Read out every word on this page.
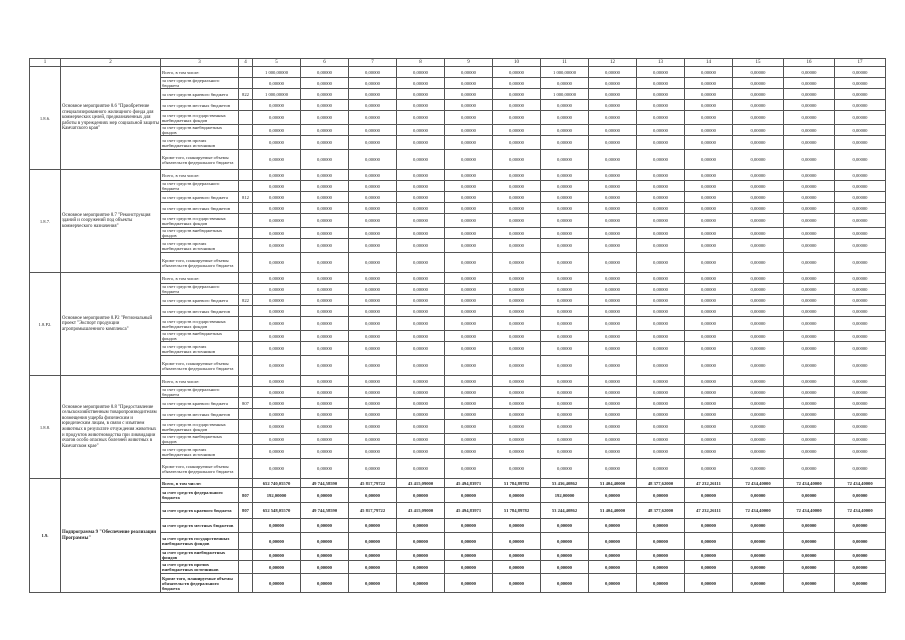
1	2	3	4	5	6	7	8	9	10	11	12	13	14	15	16	17
1.8.6.	Основное мероприятие 8.6 "Приобретение специализированного жилищного фонда для коммерческих целей, предназначенных для работы в учреждениях мер социальной защиты Камчатского края"	Всего, в том числе:		1 000,00000	0,00000	0,00000	0,00000	0,00000	0,00000	1 000,00000	0,00000	0,00000	0,00000	0,00000	0,00000	0,00000
		за счет средств федерального бюджета		0,00000	0,00000	0,00000	0,00000	0,00000	0,00000	0,00000	0,00000	0,00000	0,00000	0,00000	0,00000	0,00000
		за счет средств краевого бюджета	822	1 000,00000	0,00000	0,00000	0,00000	0,00000	0,00000	1 000,00000	0,00000	0,00000	0,00000	0,00000	0,00000	0,00000
		за счет средств местных бюджетов		0,00000	0,00000	0,00000	0,00000	0,00000	0,00000	0,00000	0,00000	0,00000	0,00000	0,00000	0,00000	0,00000
		за счет средств государственных внебюджетных фондов		0,00000	0,00000	0,00000	0,00000	0,00000	0,00000	0,00000	0,00000	0,00000	0,00000	0,00000	0,00000	0,00000
		за счет средств внебюджетных фондов		0,00000	0,00000	0,00000	0,00000	0,00000	0,00000	0,00000	0,00000	0,00000	0,00000	0,00000	0,00000	0,00000
		за счет средств прочих внебюджетных источников		0,00000	0,00000	0,00000	0,00000	0,00000	0,00000	0,00000	0,00000	0,00000	0,00000	0,00000	0,00000	0,00000
		Кроме того, планируемые объемы обязательств федерального бюджета		0,00000	0,00000	0,00000	0,00000	0,00000	0,00000	0,00000	0,00000	0,00000	0,00000	0,00000	0,00000	0,00000
1.8.7.	Основное мероприятие 8.7 "Реконструкция зданий и сооружений под объекты коммерческого назначения"	Всего, в том числе:		0,00000	0,00000	0,00000	0,00000	0,00000	0,00000	0,00000	0,00000	0,00000	0,00000	0,00000	0,00000	0,00000
		за счет средств федерального бюджета		0,00000	0,00000	0,00000	0,00000	0,00000	0,00000	0,00000	0,00000	0,00000	0,00000	0,00000	0,00000	0,00000
		за счет средств краевого бюджета	812	0,00000	0,00000	0,00000	0,00000	0,00000	0,00000	0,00000	0,00000	0,00000	0,00000	0,00000	0,00000	0,00000
		за счет средств местных бюджетов		0,00000	0,00000	0,00000	0,00000	0,00000	0,00000	0,00000	0,00000	0,00000	0,00000	0,00000	0,00000	0,00000
		за счет средств государственных внебюджетных фондов		0,00000	0,00000	0,00000	0,00000	0,00000	0,00000	0,00000	0,00000	0,00000	0,00000	0,00000	0,00000	0,00000
		за счет средств внебюджетных фондов		0,00000	0,00000	0,00000	0,00000	0,00000	0,00000	0,00000	0,00000	0,00000	0,00000	0,00000	0,00000	0,00000
		за счет средств прочих внебюджетных источников		0,00000	0,00000	0,00000	0,00000	0,00000	0,00000	0,00000	0,00000	0,00000	0,00000	0,00000	0,00000	0,00000
		Кроме того, планируемые объемы обязательств федерального бюджета		0,00000	0,00000	0,00000	0,00000	0,00000	0,00000	0,00000	0,00000	0,00000	0,00000	0,00000	0,00000	0,00000
1.8.Р2.	Основное мероприятие 8.Р2 "Региональный проект "Экспорт продукции агропромышленного комплекса"	Всего, в том числе:		0,00000	0,00000	0,00000	0,00000	0,00000	0,00000	0,00000	0,00000	0,00000	0,00000	0,00000	0,00000	0,00000
		за счет средств федерального бюджета		0,00000	0,00000	0,00000	0,00000	0,00000	0,00000	0,00000	0,00000	0,00000	0,00000	0,00000	0,00000	0,00000
		за счет средств краевого бюджета	822	0,00000	0,00000	0,00000	0,00000	0,00000	0,00000	0,00000	0,00000	0,00000	0,00000	0,00000	0,00000	0,00000
		за счет средств местных бюджетов		0,00000	0,00000	0,00000	0,00000	0,00000	0,00000	0,00000	0,00000	0,00000	0,00000	0,00000	0,00000	0,00000
		за счет средств государственных внебюджетных фондов		0,00000	0,00000	0,00000	0,00000	0,00000	0,00000	0,00000	0,00000	0,00000	0,00000	0,00000	0,00000	0,00000
		за счет средств внебюджетных фондов		0,00000	0,00000	0,00000	0,00000	0,00000	0,00000	0,00000	0,00000	0,00000	0,00000	0,00000	0,00000	0,00000
		за счет средств прочих внебюджетных источников		0,00000	0,00000	0,00000	0,00000	0,00000	0,00000	0,00000	0,00000	0,00000	0,00000	0,00000	0,00000	0,00000
		Кроме того, планируемые объемы обязательств федерального бюджета		0,00000	0,00000	0,00000	0,00000	0,00000	0,00000	0,00000	0,00000	0,00000	0,00000	0,00000	0,00000	0,00000
1.8.8.	Основное мероприятие 8.8 "Предоставление сельскохозяйственным товаропроизводителям возмещения ущерба физическим и юридическим лицам, в связи с изъятием животных в результате отчуждения животных и продуктов животноводства при ликвидации очагов особо опасных болезней животных в Камчатском крае"	Всего, в том числе:		0,00000	0,00000	0,00000	0,00000	0,00000	0,00000	0,00000	0,00000	0,00000	0,00000	0,00000	0,00000	0,00000
		за счет средств федерального бюджета		0,00000	0,00000	0,00000	0,00000	0,00000	0,00000	0,00000	0,00000	0,00000	0,00000	0,00000	0,00000	0,00000
		за счет средств краевого бюджета	807	0,00000	0,00000	0,00000	0,00000	0,00000	0,00000	0,00000	0,00000	0,00000	0,00000	0,00000	0,00000	0,00000
		за счет средств местных бюджетов		0,00000	0,00000	0,00000	0,00000	0,00000	0,00000	0,00000	0,00000	0,00000	0,00000	0,00000	0,00000	0,00000
		за счет средств государственных внебюджетных фондов		0,00000	0,00000	0,00000	0,00000	0,00000	0,00000	0,00000	0,00000	0,00000	0,00000	0,00000	0,00000	0,00000
		за счет средств внебюджетных фондов		0,00000	0,00000	0,00000	0,00000	0,00000	0,00000	0,00000	0,00000	0,00000	0,00000	0,00000	0,00000	0,00000
		за счет средств прочих внебюджетных источников		0,00000	0,00000	0,00000	0,00000	0,00000	0,00000	0,00000	0,00000	0,00000	0,00000	0,00000	0,00000	0,00000
		Кроме того, планируемые объемы обязательств федерального бюджета		0,00000	0,00000	0,00000	0,00000	0,00000	0,00000	0,00000	0,00000	0,00000	0,00000	0,00000	0,00000	0,00000
1.9.	Подпрограмма 9 "Обеспечение реализации Программы"	Всего, в том числе:		652 740,05570	49 744,58590	45 817,79722	43 415,09000	45 494,83971	51 784,89782	53 436,40862	51 404,40000	48 377,62000	47 232,26111	72 434,40000	72 434,40000	72 434,40000
		за счет средств федерального бюджета	807	192,00000	0,00000	0,00000	0,00000	0,00000	0,00000	192,00000	0,00000	0,00000	0,00000	0,00000	0,00000	0,00000
		за счет средств краевого бюджета	807	652 548,05570	49 744,58590	45 817,79722	43 415,09000	45 494,83971	51 784,89782	53 244,40862	51 404,40000	48 377,62000	47 232,26111	72 434,40000	72 434,40000	72 434,40000
		за счет средств местных бюджетов		0,00000	0,00000	0,00000	0,00000	0,00000	0,00000	0,00000	0,00000	0,00000	0,00000	0,00000	0,00000	0,00000
		за счет средств государственных внебюджетных фондов		0,00000	0,00000	0,00000	0,00000	0,00000	0,00000	0,00000	0,00000	0,00000	0,00000	0,00000	0,00000	0,00000
		за счет средств внебюджетных фондов		0,00000	0,00000	0,00000	0,00000	0,00000	0,00000	0,00000	0,00000	0,00000	0,00000	0,00000	0,00000	0,00000
		за счет средств прочих внебюджетных источников		0,00000	0,00000	0,00000	0,00000	0,00000	0,00000	0,00000	0,00000	0,00000	0,00000	0,00000	0,00000	0,00000
		Кроме того, планируемые объемы обязательств федерального бюджета		0,00000	0,00000	0,00000	0,00000	0,00000	0,00000	0,00000	0,00000	0,00000	0,00000	0,00000	0,00000	0,00000
